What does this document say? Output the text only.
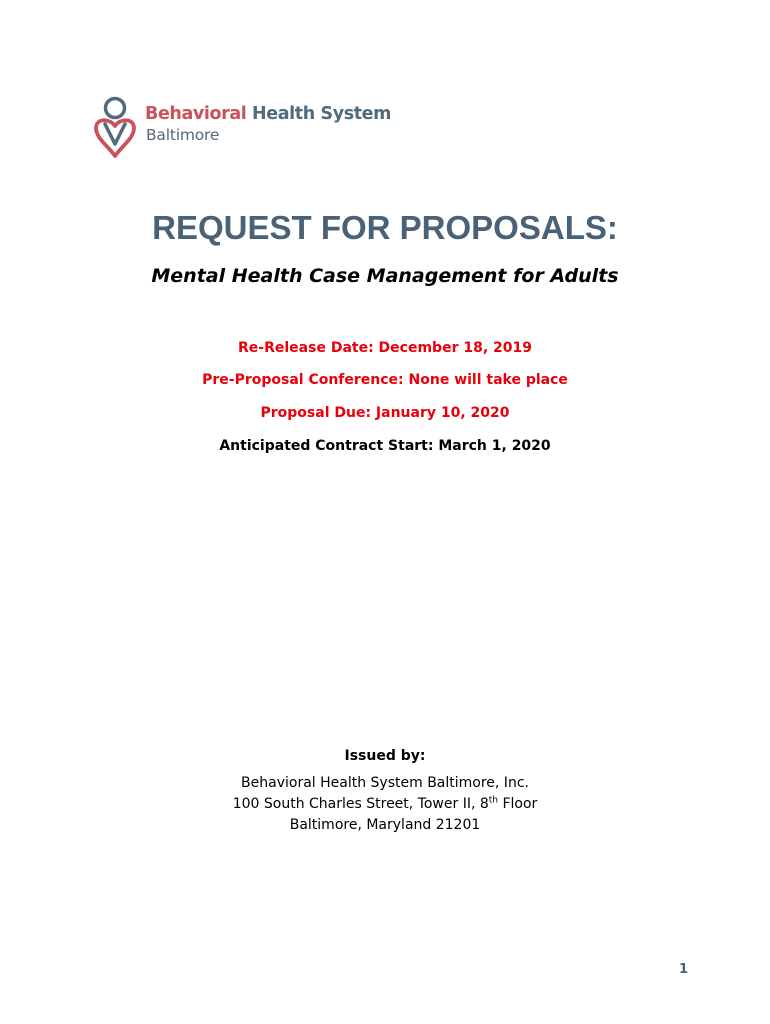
Behavioral Health System
Baltimore
REQUEST FOR PROPOSALS:
Mental Health Case Management for Adults
Re-Release Date: December 18, 2019
Pre-Proposal Conference: None will take place
Proposal Due: January 10, 2020
Anticipated Contract Start: March 1, 2020
Issued by:
Behavioral Health System Baltimore, Inc.
100 South Charles Street, Tower II, 8th Floor
Baltimore, Maryland 21201
1
